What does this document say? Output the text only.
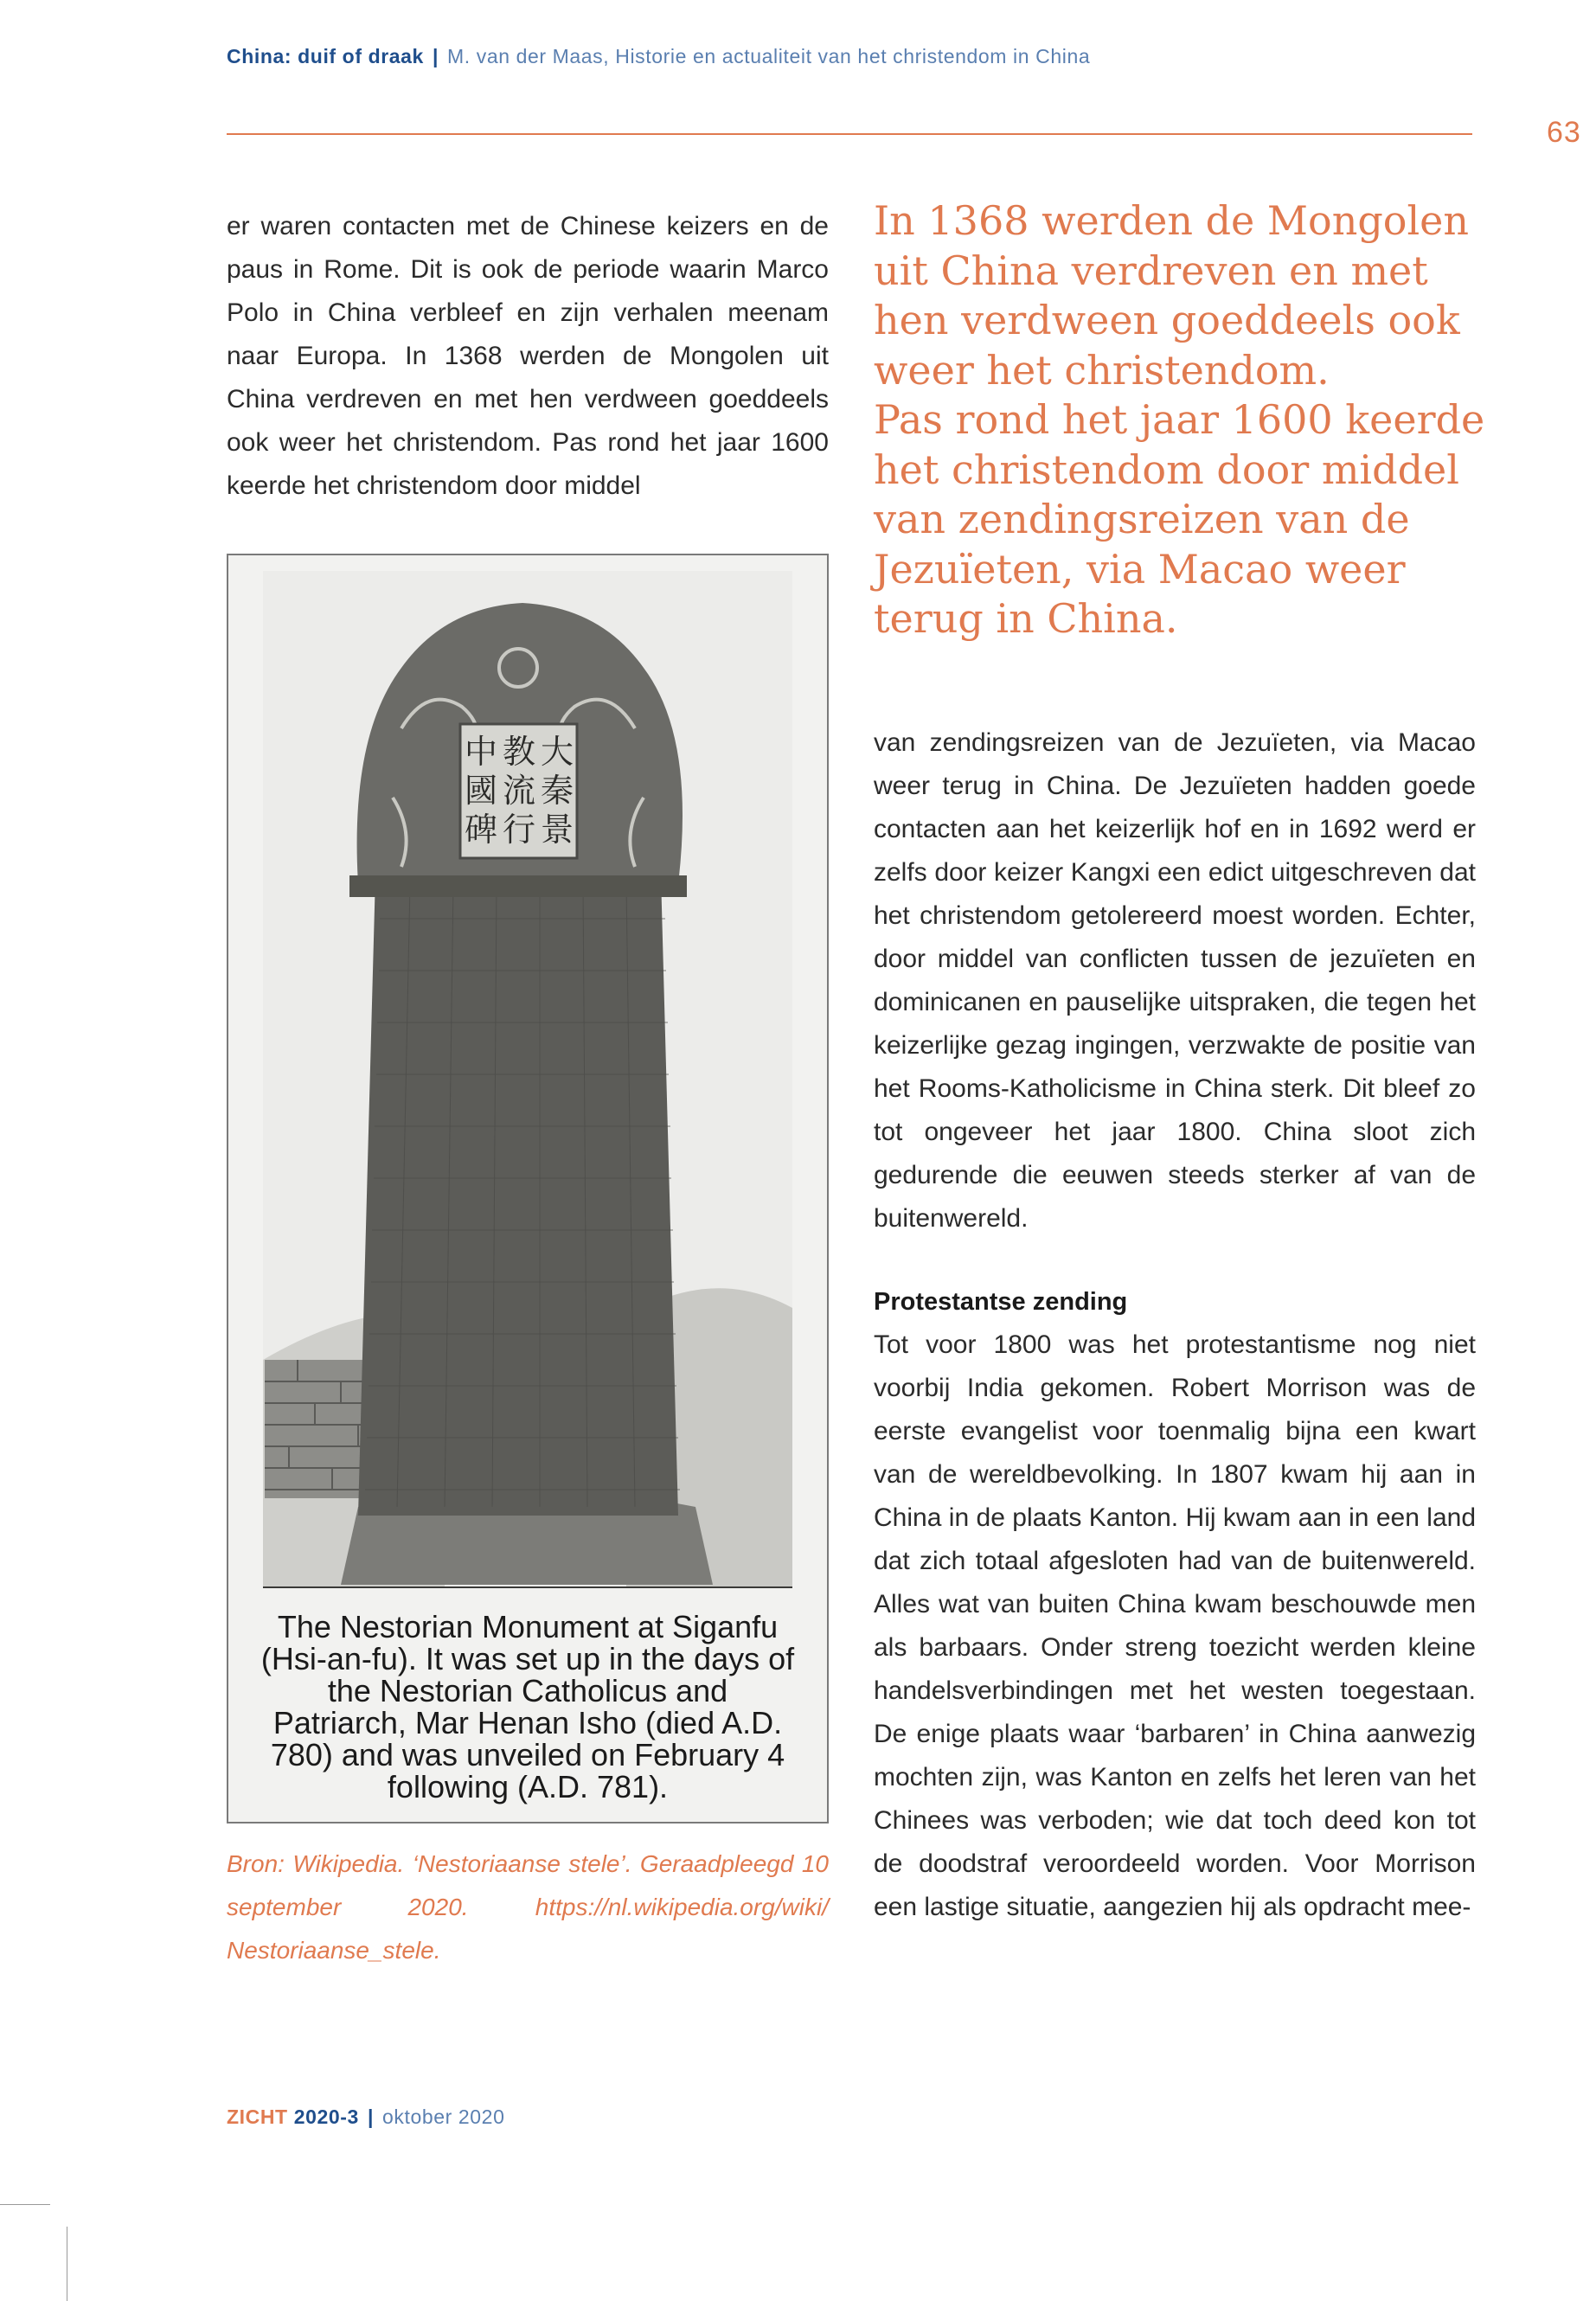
China: duif of draak | M. van der Maas, Historie en actualiteit van het christendom in China
63

er waren contacten met de Chinese keizers en de paus in Rome. Dit is ook de periode waarin Marco Polo in China verbleef en zijn verhalen meenam naar Europa. In 1368 werden de Mongolen uit China verdreven en met hen verdween goeddeels ook weer het christendom. Pas rond het jaar 1600 keerde het christendom door middel

In 1368 werden de Mongolen uit China verdreven en met hen verdween goeddeels ook weer het christendom.
Pas rond het jaar 1600 keerde het christendom door middel van zendingsreizen van de Jezuïeten, via Macao weer terug in China.
大
秦
景
教
流
行
中
國
碑

The Nestorian Monument at Siganfu (Hsi-an-fu). It was set up in the days of the Nestorian Catholicus and Patriarch, Mar Henan Isho (died A.D. 780) and was unveiled on February 4 following (A.D. 781).

Bron: Wikipedia. ‘Nestoriaanse stele’. Geraadpleegd 10 september 2020. https://nl.wikipedia.org/wiki/ Nestoriaanse_stele.

van zendingsreizen van de Jezuïeten, via Macao weer terug in China. De Jezuïeten hadden goede contacten aan het keizerlijk hof en in 1692 werd er zelfs door keizer Kangxi een edict uitgeschreven dat het christendom getolereerd moest worden. Echter, door middel van conflicten tussen de jezuïeten en dominicanen en pauselijke uitspraken, die tegen het keizerlijke gezag ingingen, verzwakte de positie van het Rooms-Katholicisme in China sterk. Dit bleef zo tot ongeveer het jaar 1800. China sloot zich gedurende die eeuwen steeds sterker af van de buitenwereld.

Protestantse zending

Tot voor 1800 was het protestantisme nog niet voorbij India gekomen. Robert Morrison was de eerste evangelist voor toenmalig bijna een kwart van de wereldbevolking. In 1807 kwam hij aan in China in de plaats Kanton. Hij kwam aan in een land dat zich totaal afgesloten had van de buitenwereld. Alles wat van buiten China kwam beschouwde men als barbaars. Onder streng toezicht werden kleine handelsverbindingen met het westen toegestaan. De enige plaats waar ‘barbaren’ in China aanwezig mochten zijn, was Kanton en zelfs het leren van het Chinees was verboden; wie dat toch deed kon tot de doodstraf veroordeeld worden. Voor Morrison een lastige situatie, aangezien hij als opdracht mee-

ZICHT 2020-3 | oktober 2020
